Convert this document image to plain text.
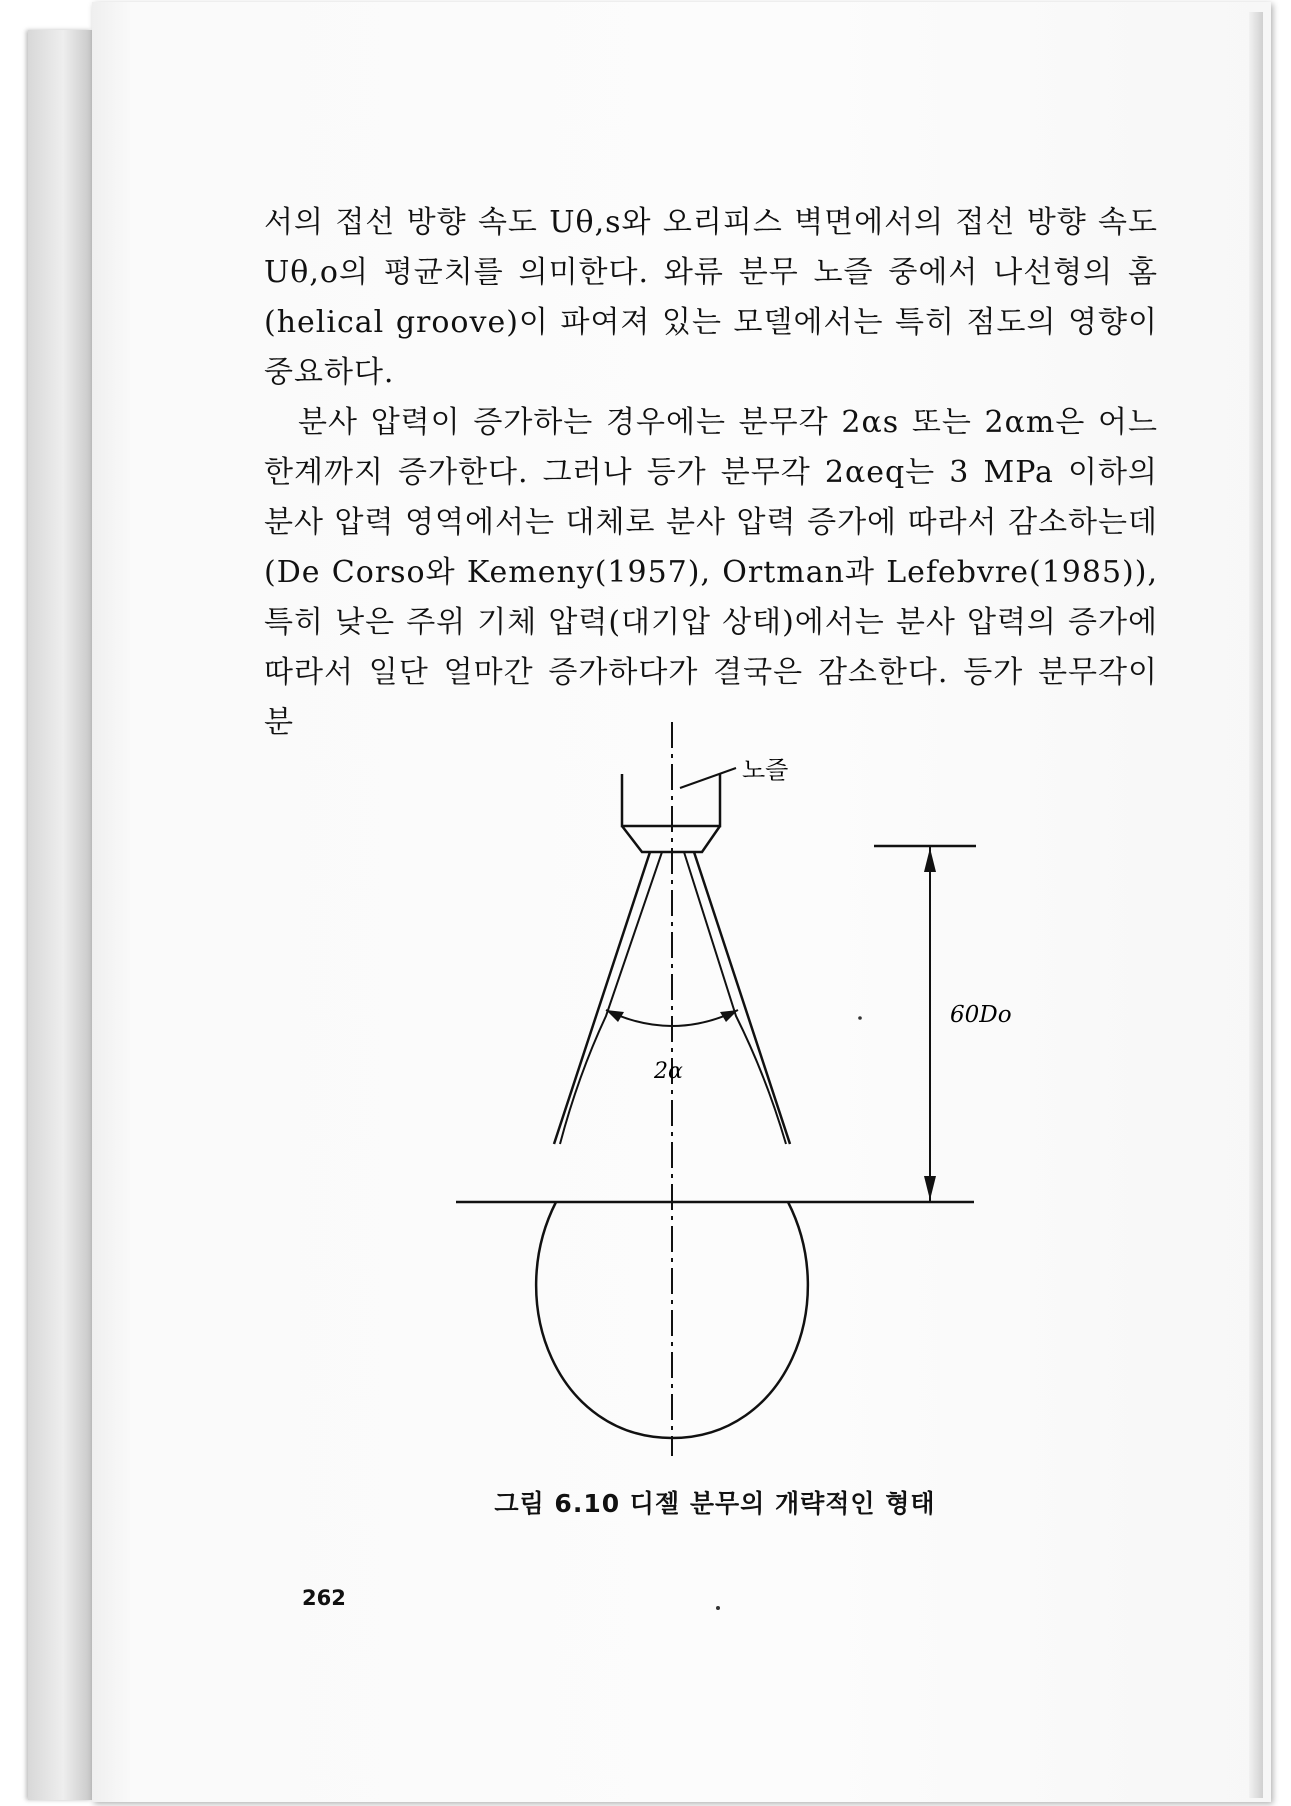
서의 접선 방향 속도 Uθ,s와 오리피스 벽면에서의 접선 방향 속도 Uθ,o의 평균치를 의미한다. 와류 분무 노즐 중에서 나선형의 홈(helical groove)이 파여져 있는 모델에서는 특히 점도의 영향이 중요하다.

분사 압력이 증가하는 경우에는 분무각 2αs 또는 2αm은 어느 한계까지 증가한다. 그러나 등가 분무각 2αeq는 3 MPa 이하의 분사 압력 영역에서는 대체로 분사 압력 증가에 따라서 감소하는데(De Corso와 Kemeny(1957), Ortman과 Lefebvre(1985)), 특히 낮은 주위 기체 압력(대기압 상태)에서는 분사 압력의 증가에 따라서 일단 얼마간 증가하다가 결국은 감소한다. 등가 분무각이 분

노즐
2α
60Do
그림 6.10 디젤 분무의 개략적인 형태
262
